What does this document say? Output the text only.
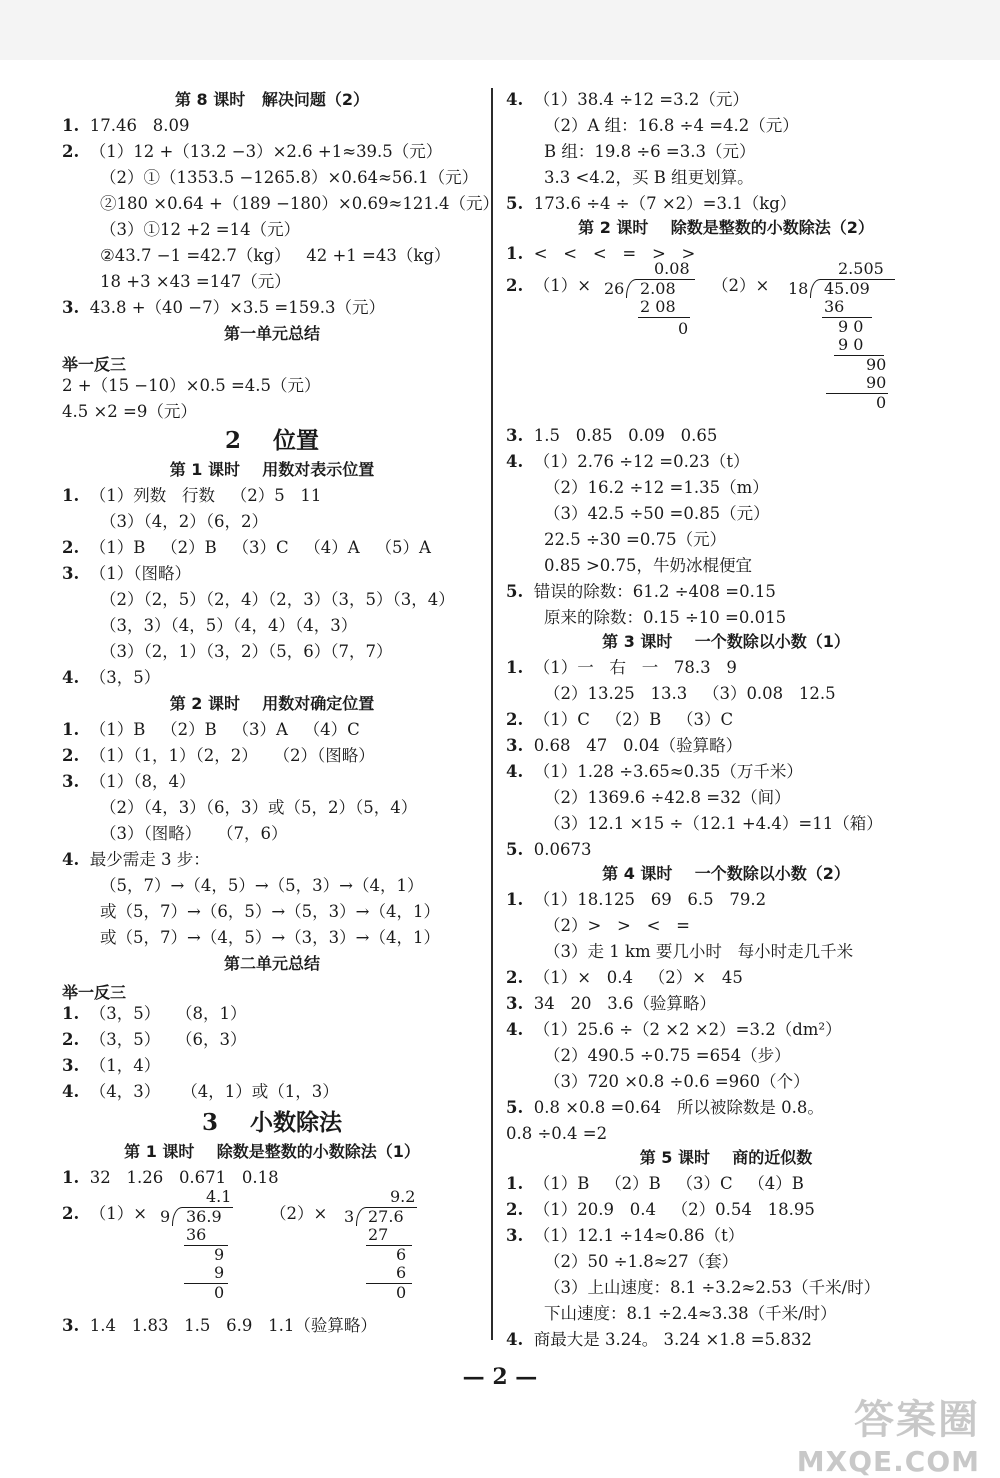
第 8 课时   解决问题（2）
1. 17.46   8.09
2. （1）12 +（13.2 −3）×2.6 +1≈39.5（元）
（2）①（1353.5 −1265.8）×0.64≈56.1（元）
②180 ×0.64 +（189 −180）×0.69≈121.4（元）
（3）①12 +2 =14（元）
②43.7 −1 =42.7（kg）   42 +1 =43（kg）
18 +3 ×43 =147（元）
3. 43.8 +（40 −7）×3.5 =159.3（元）
第一单元总结
举一反三
2 +（15 −10）×0.5 =4.5（元）
4.5 ×2 =9（元）
2    位置
第 1 课时    用数对表示位置
1. （1）列数   行数   （2）5   11
（3）（4，2）（6，2）
2. （1）B   （2）B   （3）C   （4）A   （5）A
3. （1）（图略）
（2）（2，5）（2，4）（2，3）（3，5）（3，4）
（3，3）（4，5）（4，4）（4，3）
（3）（2，1）（3，2）（5，6）（7，7）
4. （3，5）
第 2 课时    用数对确定位置
1. （1）B   （2）B   （3）A   （4）C
2. （1）（1，1）（2，2）   （2）（图略）
3. （1）（8，4）
（2）（4，3）（6，3）或（5，2）（5，4）
（3）（图略）   （7，6）
4. 最少需走 3 步：
（5，7）→（4，5）→（5，3）→（4，1）
或（5，7）→（6，5）→（5，3）→（4，1）
或（5，7）→（4，5）→（3，3）→（4，1）
第二单元总结
举一反三
1. （3，5）   （8，1）
2. （3，5）   （6，3）
3. （1，4）
4. （4，3）    （4，1）或（1，3）
3    小数除法
第 1 课时    除数是整数的小数除法（1）
1. 32   1.26   0.671   0.18
2. （1）×	（2）×
4.1
9 36.9
36
9
9
0
9.2
3 27.6
27
6
6
0
3. 1.4   1.83   1.5   6.9   1.1（验算略）
4. （1）38.4 ÷12 =3.2（元）
（2）A 组：16.8 ÷4 =4.2（元）
B 组：19.8 ÷6 =3.3（元）
3.3 <4.2，买 B 组更划算。
5. 173.6 ÷4 ÷（7 ×2）=3.1（kg）
第 2 课时    除数是整数的小数除法（2）
1. <   <   <   =   >   >
2. （1）×	（2）×
0.08
26 2.08
2 08
0
2.505
18 45.09
36
9 0
9 0
90
90
0
3. 1.5   0.85   0.09   0.65
4. （1）2.76 ÷12 =0.23（t）
（2）16.2 ÷12 =1.35（m）
（3）42.5 ÷50 =0.85（元）
22.5 ÷30 =0.75（元）
0.85 >0.75，牛奶冰棍便宜
5. 错误的除数：61.2 ÷408 =0.15
原来的除数：0.15 ÷10 =0.015
第 3 课时    一个数除以小数（1）
1. （1）一   右   一   78.3   9
（2）13.25   13.3   （3）0.08   12.5
2. （1）C   （2）B   （3）C
3. 0.68   47   0.04（验算略）
4. （1）1.28 ÷3.65≈0.35（万千米）
（2）1369.6 ÷42.8 =32（间）
（3）12.1 ×15 ÷（12.1 +4.4）=11（箱）
5. 0.0673
第 4 课时    一个数除以小数（2）
1. （1）18.125   69   6.5   79.2
（2）>   >   <   =
（3）走 1 km 要几小时   每小时走几千米
2. （1）×   0.4   （2）×   45
3. 34   20   3.6（验算略）
4. （1）25.6 ÷（2 ×2 ×2）=3.2（dm²）
（2）490.5 ÷0.75 =654（步）
（3）720 ×0.8 ÷0.6 =960（个）
5. 0.8 ×0.8 =0.64   所以被除数是 0.8。
0.8 ÷0.4 =2
第 5 课时    商的近似数
1. （1）B   （2）B   （3）C   （4）B
2. （1）20.9   0.4   （2）0.54   18.95
3. （1）12.1 ÷14≈0.86（t）
（2）50 ÷1.8≈27（套）
（3）上山速度：8.1 ÷3.2≈2.53（千米/时）
下山速度：8.1 ÷2.4≈3.38（千米/时）
4. 商最大是 3.24。 3.24 ×1.8 =5.832
— 2 —
答案圈
MXQE.COM
